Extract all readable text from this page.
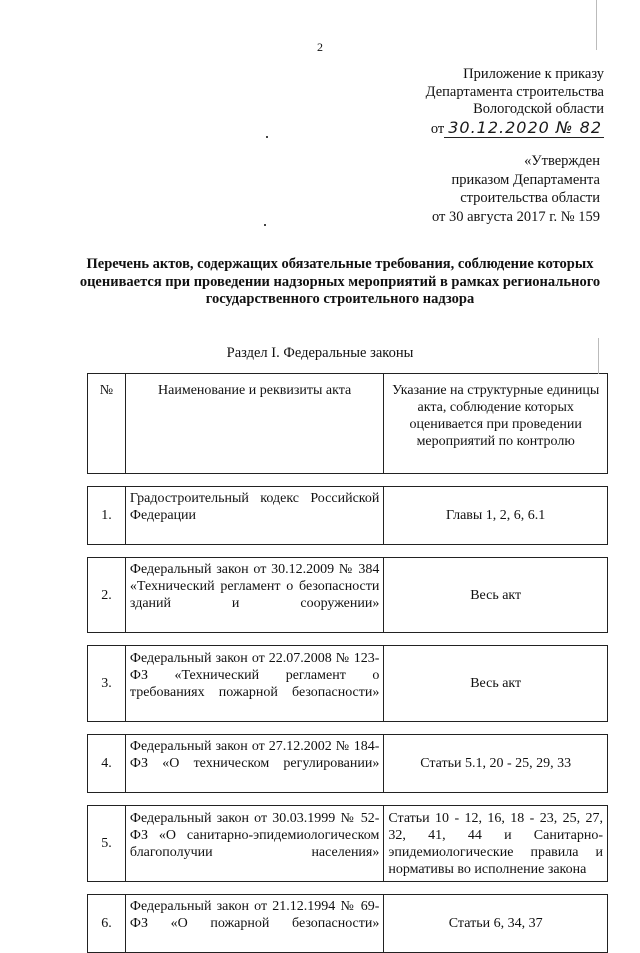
2
Приложение к приказу
Департамента строительства
Вологодской области
от 30.12.2020 № 82
«Утвержден
приказом Департамента
строительства области
от 30 августа 2017 г. № 159
Перечень актов, содержащих обязательные требования, соблюдение которых оценивается при проведении надзорных мероприятий в рамках регионального государственного строительного надзора
Раздел I. Федеральные законы
№	Наименование и реквизиты акта	Указание на структурные единицы акта, соблюдение которых оценивается при проведении мероприятий по контролю

1.	Градостроительный кодекс Российской Федерации	Главы 1, 2, 6, 6.1

2.	Федеральный закон от 30.12.2009 № 384 «Технический регламент о безопасности зданий и сооружении»	Весь акт

3.	Федеральный закон от 22.07.2008 № 123-ФЗ «Технический регламент о требованиях пожарной безопасности»	Весь акт

4.	Федеральный закон от 27.12.2002 № 184-ФЗ «О техническом регулировании»	Статьи 5.1, 20 - 25, 29, 33

5.	Федеральный закон от 30.03.1999 № 52-ФЗ «О санитарно-эпидемиологическом благополучии населения»	Статьи 10 - 12, 16, 18 - 23, 25, 27, 32, 41, 44 и Санитарно-эпидемиологические правила и нормативы во исполнение закона

6.	Федеральный закон от 21.12.1994 № 69-ФЗ «О пожарной безопасности»	Статьи 6, 34, 37
